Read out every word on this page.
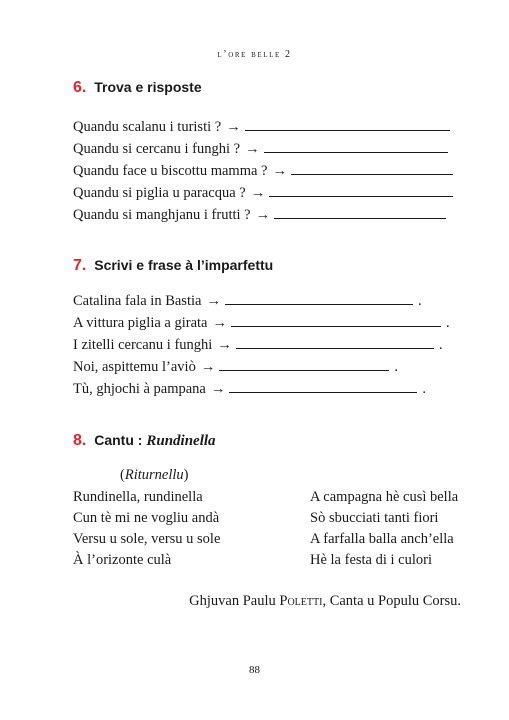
l’ore belle 2
6. Trova e risposte
Quandu scalanu i turisti ? →
Quandu si cercanu i funghi ? →
Quandu face u biscottu mamma ? →
Quandu si piglia u paracqua ? →
Quandu si manghjanu i frutti ? →
7. Scrivi e frase à l’imparfettu
Catalina fala in Bastia →	.
A vittura piglia a girata →	.
I zitelli cercanu i funghi →	.
Noi, aspittemu l’aviò →	.
Tù, ghjochi à pampana →	.
8. Cantu : Rundinella
(Riturnellu)
Rundinella, rundinella
Cun tè mi ne vogliu andà
Versu u sole, versu u sole
À l’orizonte culà
A campagna hè cusì bella
Sò sbucciati tanti fiori
A farfalla balla anch’ella
Hè la festa di i culori
Ghjuvan Paulu Poletti, Canta u Populu Corsu.
88
